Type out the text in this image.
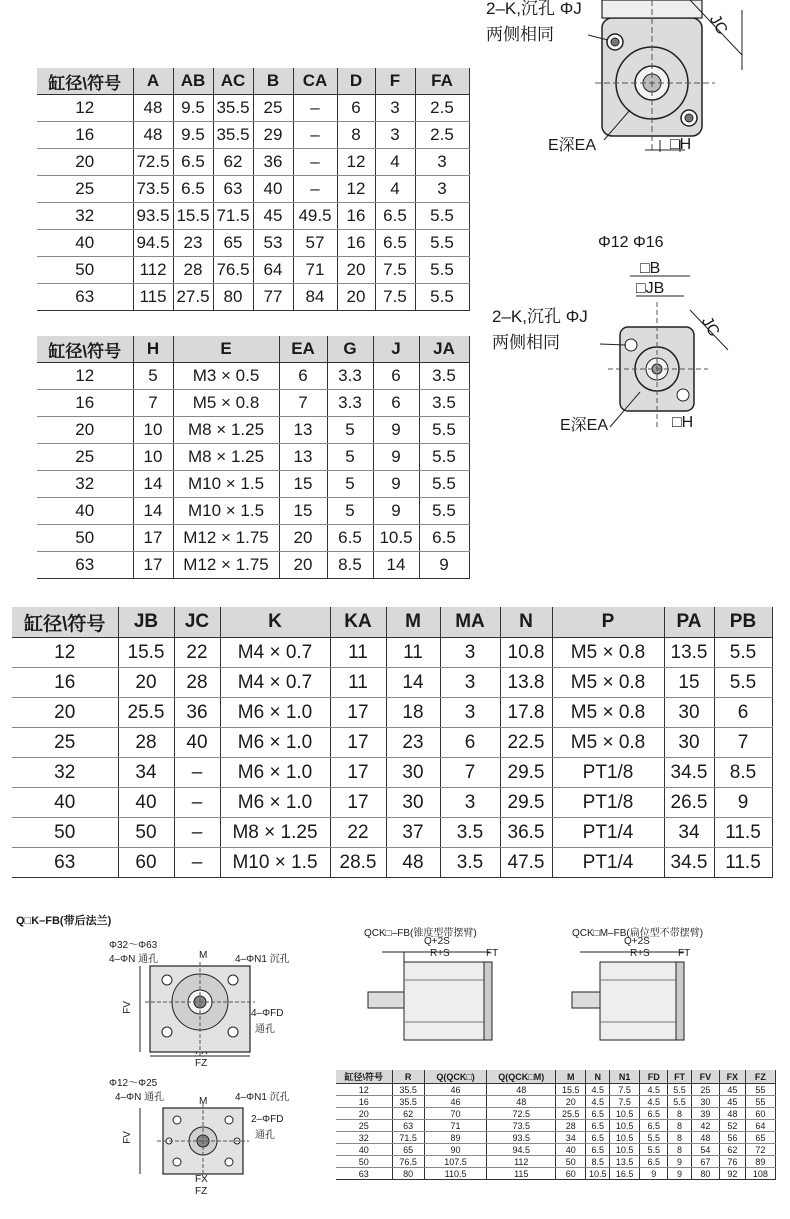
2–K,沉孔 ΦJ
两侧相同	JC
E深EA	□H
缸径\符号	A	AB	AC	B	CA	D	F	FA
12	48	9.5	35.5	25	–	6	3	2.5
16	48	9.5	35.5	29	–	8	3	2.5
20	72.5	6.5	62	36	–	12	4	3
25	73.5	6.5	63	40	–	12	4	3
32	93.5	15.5	71.5	45	49.5	16	6.5	5.5
40	94.5	23	65	53	57	16	6.5	5.5
50	112	28	76.5	64	71	20	7.5	5.5
63	115	27.5	80	77	84	20	7.5	5.5
Φ12 Φ16
□B
□JB
2–K,沉孔 ΦJ
两侧相同
JC
E深EA	□H
缸径\符号	H	E	EA	G	J	JA
12	5	M3 × 0.5	6	3.3	6	3.5
16	7	M5 × 0.8	7	3.3	6	3.5
20	10	M8 × 1.25	13	5	9	5.5
25	10	M8 × 1.25	13	5	9	5.5
32	14	M10 × 1.5	15	5	9	5.5
40	14	M10 × 1.5	15	5	9	5.5
50	17	M12 × 1.75	20	6.5	10.5	6.5
63	17	M12 × 1.75	20	8.5	14	9
缸径\符号	JB	JC	K	KA	M	MA	N	P	PA	PB
12	15.5	22	M4 × 0.7	11	11	3	10.8	M5 × 0.8	13.5	5.5
16	20	28	M4 × 0.7	11	14	3	13.8	M5 × 0.8	15	5.5
20	25.5	36	M6 × 1.0	17	18	3	17.8	M5 × 0.8	30	6
25	28	40	M6 × 1.0	17	23	6	22.5	M5 × 0.8	30	7
32	34	–	M6 × 1.0	17	30	7	29.5	PT1/8	34.5	8.5
40	40	–	M6 × 1.0	17	30	3	29.5	PT1/8	26.5	9
50	50	–	M8 × 1.25	22	37	3.5	36.5	PT1/4	34	11.5
63	60	–	M10 × 1.5	28.5	48	3.5	47.5	PT1/4	34.5	11.5
Q□K–FB(带后法兰)
Φ32～Φ63
4–ΦN 通孔	M	4–ΦN1 沉孔
4–ΦFD
通孔
FZ
FV
Φ12～Φ25
4–ΦN 通孔	M	4–ΦN1 沉孔
2–ΦFD
通孔
FX
FZ
FV
QCK□–FB(锥度型带摆臂)
Q+2S
R+S	FT
QCK□M–FB(扁位型不带摆臂)
Q+2S
R+S	FT
缸径\符号	R	Q(QCK□)	Q(QCK□M)	M	N	N1	FD	FT	FV	FX	FZ
12	35.5	46	48	15.5	4.5	7.5	4.5	5.5	25	45	55
16	35.5	46	48	20	4.5	7.5	4.5	5.5	30	45	55
20	62	70	72.5	25.5	6.5	10.5	6.5	8	39	48	60
25	63	71	73.5	28	6.5	10.5	6.5	8	42	52	64
32	71.5	89	93.5	34	6.5	10.5	5.5	8	48	56	65
40	65	90	94.5	40	6.5	10.5	5.5	8	54	62	72
50	76.5	107.5	112	50	8.5	13.5	6.5	9	67	76	89
63	80	110.5	115	60	10.5	16.5	9	9	80	92	108
